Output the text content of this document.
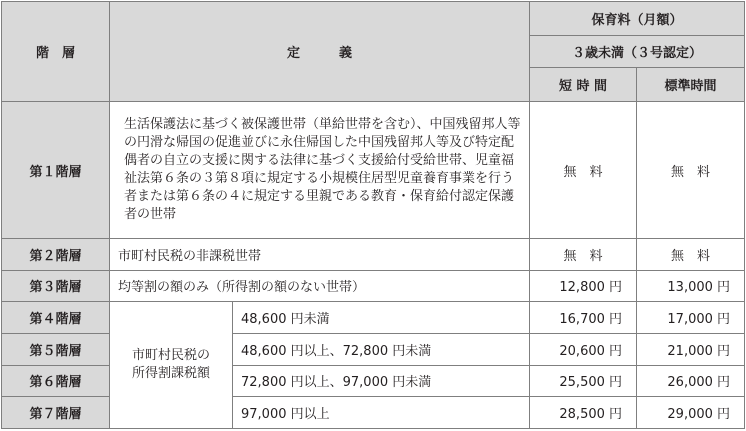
階　層	定　　　義		保育料（月額）	
			３歳未満（３号認定）	
			短 時 間	標準時間
第１階層	生活保護法に基づく被保護世帯（単給世帯を含む）、中国残留邦人等の円滑な帰国の促進並びに永住帰国した中国残留邦人等及び特定配偶者の自立の支援に関する法律に基づく支援給付受給世帯、児童福祉法第６条の３第８項に規定する小規模住居型児童養育事業を行う者または第６条の４に規定する里親である教育・保育給付認定保護者の世帯		無　料	無　料
第２階層	市町村民税の非課税世帯		無　料	無　料
第３階層	均等割の額のみ（所得割の額のない世帯）		12,800 円	13,000 円
第４階層	市町村民税の所得割課税額	48,600 円未満	16,700 円	17,000 円
第５階層		48,600 円以上、72,800 円未満	20,600 円	21,000 円
第６階層		72,800 円以上、97,000 円未満	25,500 円	26,000 円
第７階層		97,000 円以上	28,500 円	29,000 円
